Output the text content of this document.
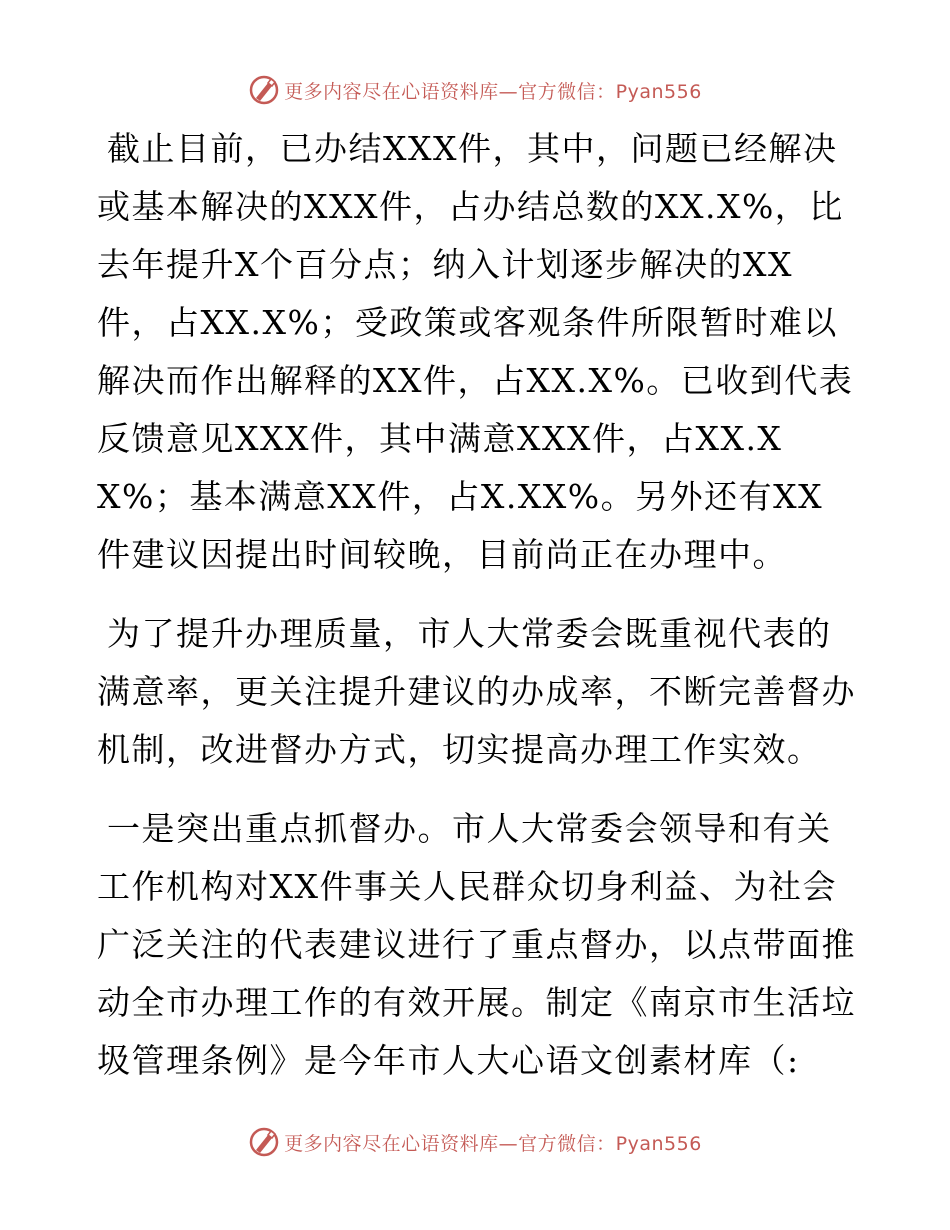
更多内容尽在心语资料库—官方微信：Pyan556

截止目前，已办结XXX件，其中，问题已经解决或基本解决的XXX件，占办结总数的XX.X%，比去年提升X个百分点；纳入计划逐步解决的XX件，占XX.X%；受政策或客观条件所限暂时难以解决而作出解释的XX件，占XX.X%。已收到代表反馈意见XXX件，其中满意XXX件，占XX.XX%；基本满意XX件，占X.XX%。另外还有XX件建议因提出时间较晚，目前尚正在办理中。

为了提升办理质量，市人大常委会既重视代表的满意率，更关注提升建议的办成率，不断完善督办机制，改进督办方式，切实提高办理工作实效。

一是突出重点抓督办。市人大常委会领导和有关工作机构对XX件事关人民群众切身利益、为社会广泛关注的代表建议进行了重点督办，以点带面推动全市办理工作的有效开展。制定《南京市生活垃圾管理条例》是今年市人大心语文创素材库（:

更多内容尽在心语资料库—官方微信：Pyan556
